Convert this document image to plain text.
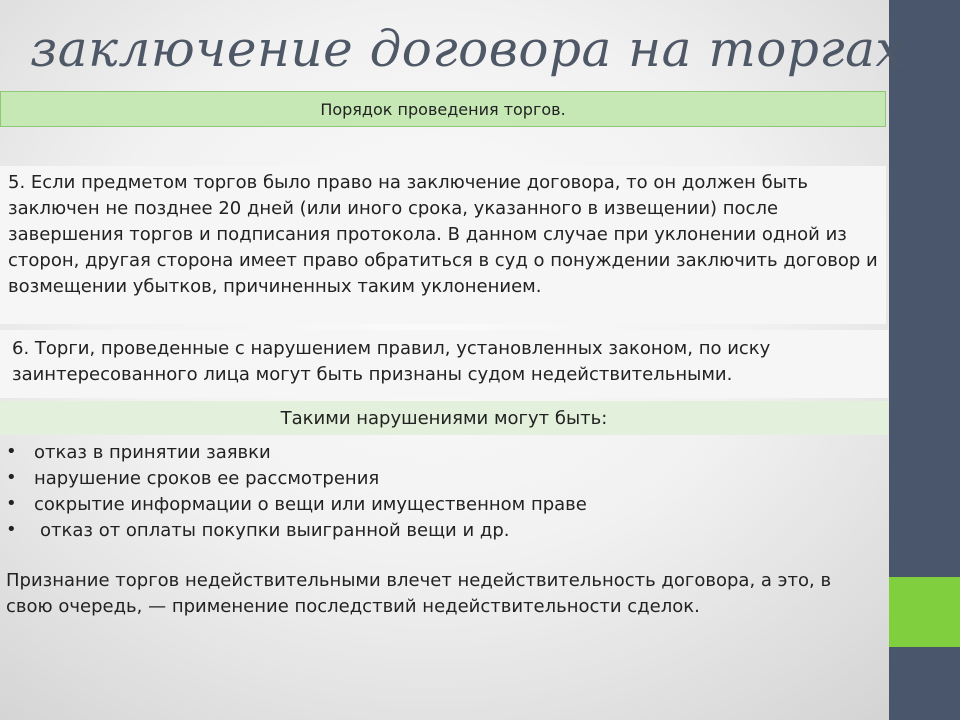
заключение договора на торгах
Порядок проведения торгов.
5. Если предметом торгов было право на заключение договора, то он должен быть заключен не позднее 20 дней (или иного срока, указанного в извещении) после завершения торгов и подписания протокола. В данном случае при уклонении одной из сторон, другая сторона имеет право обратиться в суд о понуждении заключить договор и возмещении убытков, причиненных таким уклонением.
6. Торги, проведенные с нарушением правил, установленных законом, по иску заинтересованного лица могут быть признаны судом недействительными.
Такими нарушениями могут быть:
• отказ в принятии заявки
• нарушение сроков ее рассмотрения
• сокрытие информации о вещи или имущественном праве
• отказ от оплаты покупки выигранной вещи и др.
Признание торгов недействительными влечет недействительность договора, а это, в свою очередь, — применение последствий недействительности сделок.
